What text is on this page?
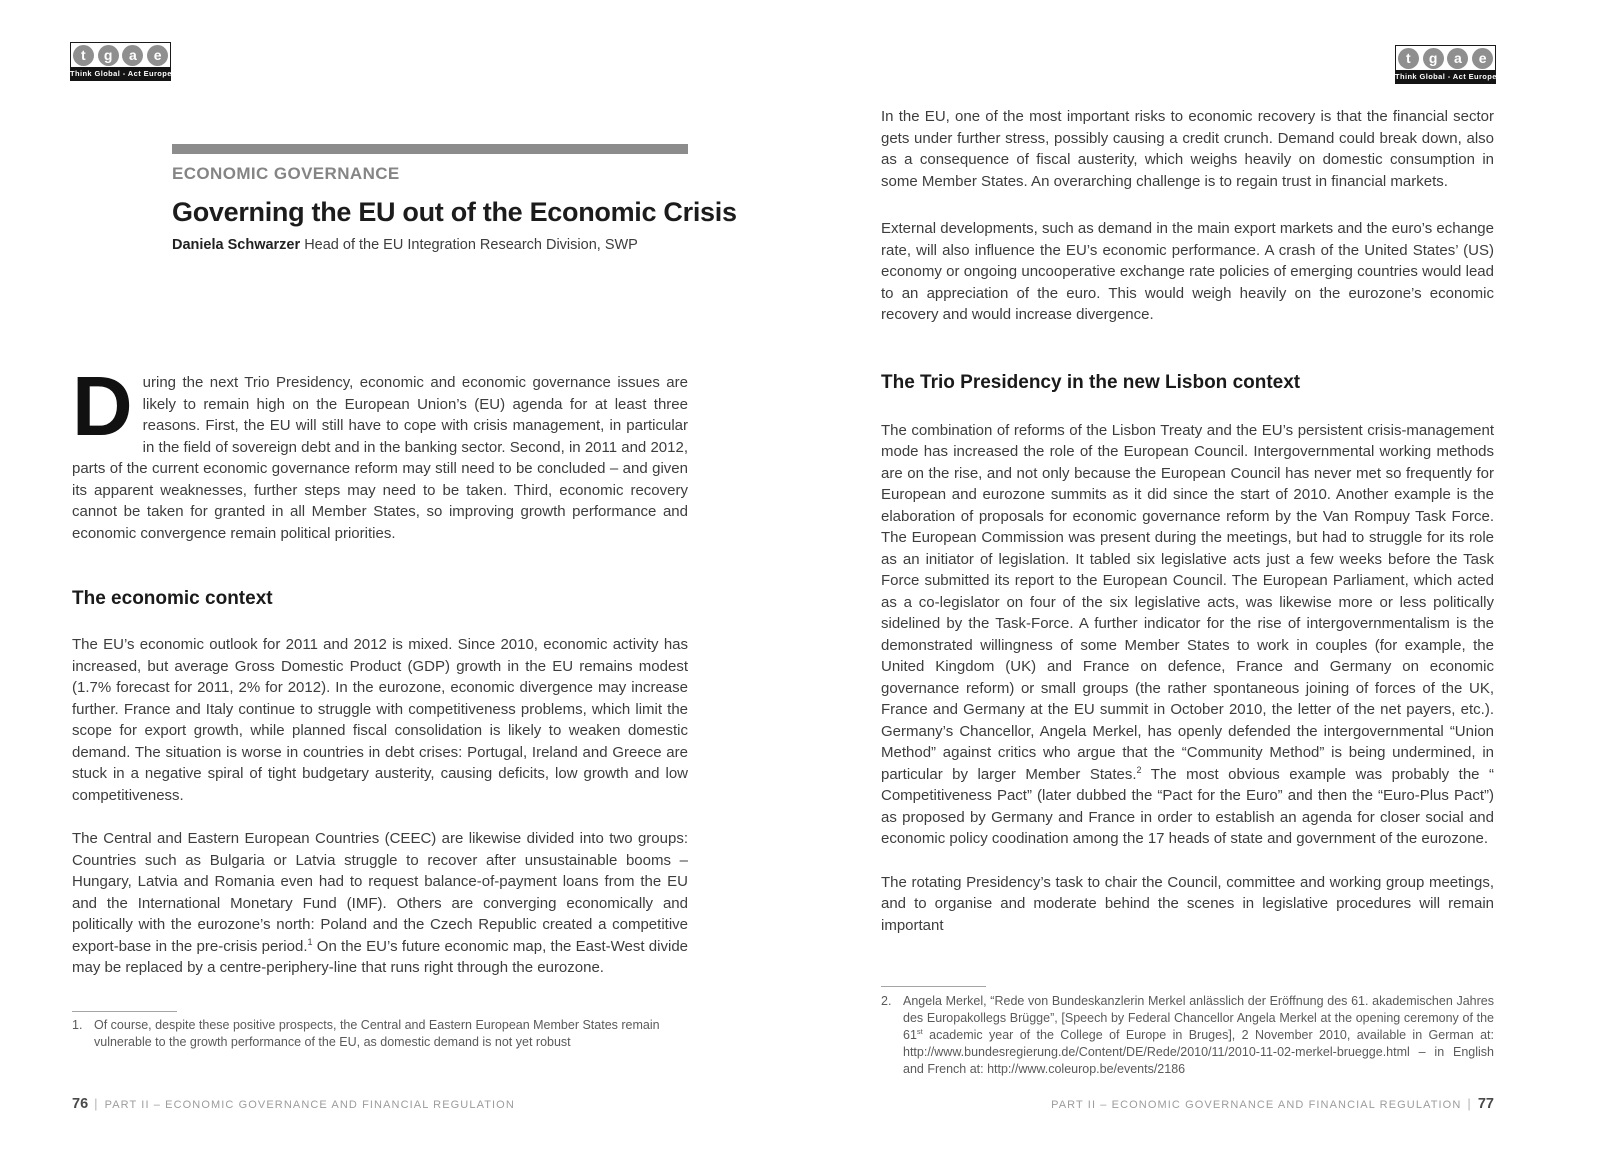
t	g	a	e
Think Global - Act European
t	g	a	e
Think Global - Act European
ECONOMIC GOVERNANCE
Governing the EU out of the Economic Crisis
Daniela Schwarzer Head of the EU Integration Research Division, SWP
During the next Trio Presidency, economic and economic governance issues are likely to remain high on the European Union’s (EU) agenda for at least three reasons. First, the EU will still have to cope with crisis management, in particular in the field of sovereign debt and in the banking sector. Second, in 2011 and 2012, parts of the current economic governance reform may still need to be concluded – and given its apparent weaknesses, further steps may need to be taken. Third, economic recovery cannot be taken for granted in all Member States, so improving growth performance and economic convergence remain political priorities.
The economic context
The EU’s economic outlook for 2011 and 2012 is mixed. Since 2010, economic activity has increased, but average Gross Domestic Product (GDP) growth in the EU remains modest (1.7% forecast for 2011, 2% for 2012). In the eurozone, economic divergence may increase further. France and Italy continue to struggle with competitiveness problems, which limit the scope for export growth, while planned fiscal consolidation is likely to weaken domestic demand. The situation is worse in countries in debt crises: Portugal, Ireland and Greece are stuck in a negative spiral of tight budgetary austerity, causing deficits, low growth and low competitiveness.
The Central and Eastern European Countries (CEEC) are likewise divided into two groups: Countries such as Bulgaria or Latvia struggle to recover after unsustainable booms – Hungary, Latvia and Romania even had to request balance-of-payment loans from the EU and the International Monetary Fund (IMF). Others are converging economically and politically with the eurozone’s north: Poland and the Czech Republic created a competitive export-base in the pre-crisis period.$^1$ On the EU’s future economic map, the East-West divide may be replaced by a centre-periphery-line that runs right through the eurozone.
1. Of course, despite these positive prospects, the Central and Eastern European Member States remain vulnerable to the growth performance of the EU, as domestic demand is not yet robust
76 | PART II – ECONOMIC GOVERNANCE AND FINANCIAL REGULATION
In the EU, one of the most important risks to economic recovery is that the financial sector gets under further stress, possibly causing a credit crunch. Demand could break down, also as a consequence of fiscal austerity, which weighs heavily on domestic consumption in some Member States. An overarching challenge is to regain trust in financial markets.
External developments, such as demand in the main export markets and the euro’s echange rate, will also influence the EU’s economic performance. A crash of the United States’ (US) economy or ongoing uncooperative exchange rate policies of emerging countries would lead to an appreciation of the euro. This would weigh heavily on the eurozone’s economic recovery and would increase divergence.
The Trio Presidency in the new Lisbon context
The combination of reforms of the Lisbon Treaty and the EU’s persistent crisis-management mode has increased the role of the European Council. Intergovernmental working methods are on the rise, and not only because the European Council has never met so frequently for European and eurozone summits as it did since the start of 2010. Another example is the elaboration of proposals for economic governance reform by the Van Rompuy Task Force. The European Commission was present during the meetings, but had to struggle for its role as an initiator of legislation. It tabled six legislative acts just a few weeks before the Task Force submitted its report to the European Council. The European Parliament, which acted as a co-legislator on four of the six legislative acts, was likewise more or less politically sidelined by the Task-Force. A further indicator for the rise of intergovernmentalism is the demonstrated willingness of some Member States to work in couples (for example, the United Kingdom (UK) and France on defence, France and Germany on economic governance reform) or small groups (the rather spontaneous joining of forces of the UK, France and Germany at the EU summit in October 2010, the letter of the net payers, etc.). Germany’s Chancellor, Angela Merkel, has openly defended the intergovernmental “Union Method” against critics who argue that the “Community Method” is being undermined, in particular by larger Member States.$^2$ The most obvious example was probably the “ Competitiveness Pact” (later dubbed the “Pact for the Euro” and then the “Euro-Plus Pact”) as proposed by Germany and France in order to establish an agenda for closer social and economic policy coodination among the 17 heads of state and government of the eurozone.
The rotating Presidency’s task to chair the Council, committee and working group meetings, and to organise and moderate behind the scenes in legislative procedures will remain important
2. Angela Merkel, “Rede von Bundeskanzlerin Merkel anlässlich der Eröffnung des 61. akademischen Jahres des Europakollegs Brügge”, [Speech by Federal Chancellor Angela Merkel at the opening ceremony of the 61st academic year of the College of Europe in Bruges], 2 November 2010, available in German at: http://www.bundesregierung.de/Content/DE/Rede/2010/11/2010-11-02-merkel-bruegge.html – in English and French at: http://www.coleurop.be/events/2186
PART II – ECONOMIC GOVERNANCE AND FINANCIAL REGULATION | 77
